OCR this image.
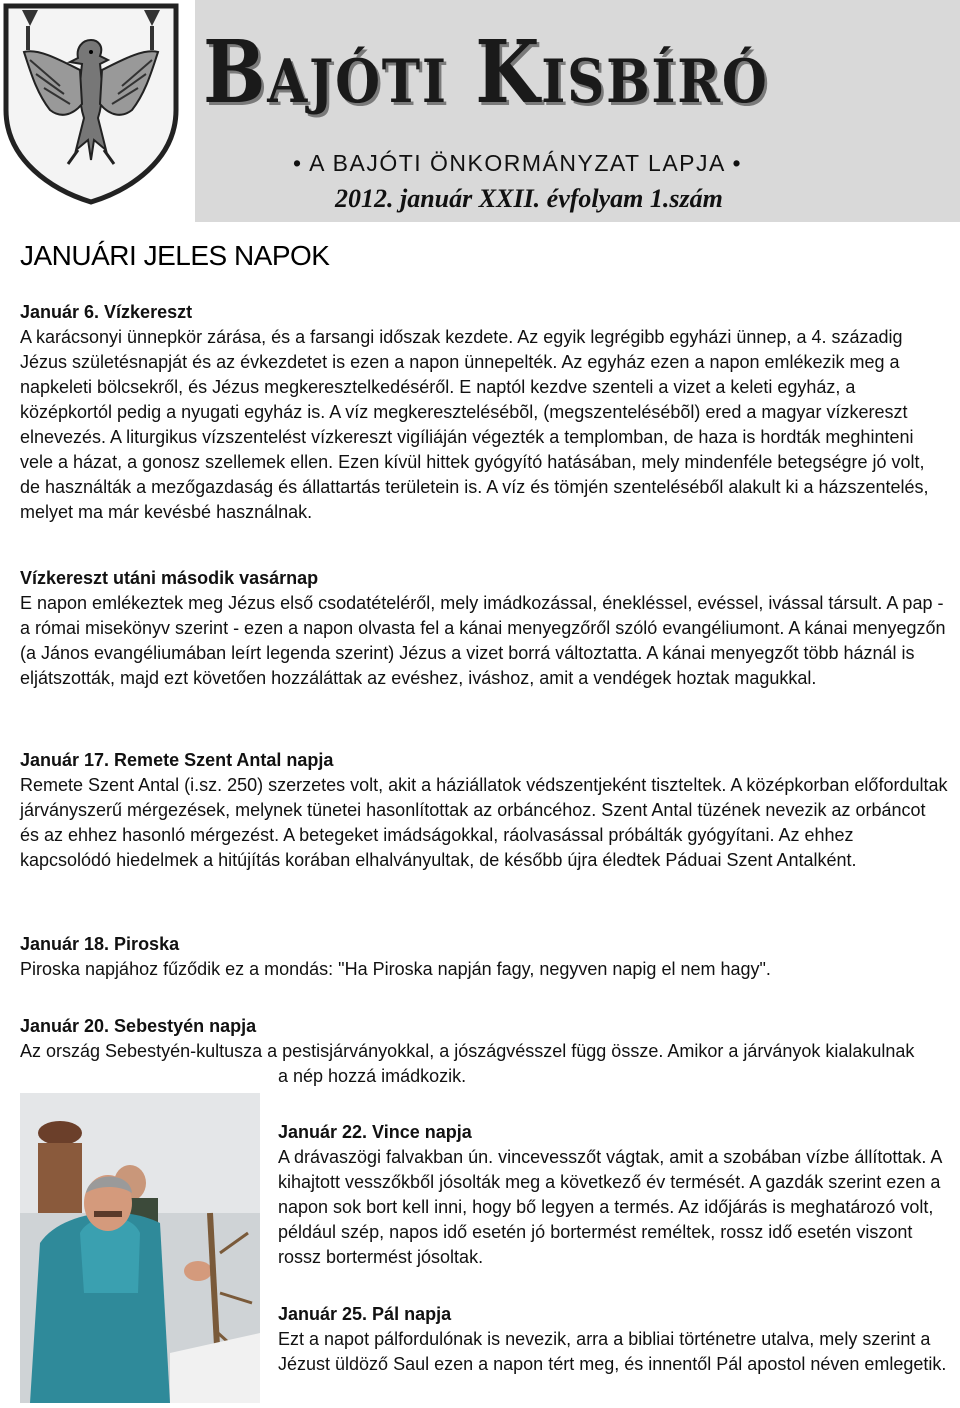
Bajóti Kisbíró
• A BAJÓTI ÖNKORMÁNYZAT LAPJA •
2012. január XXII. évfolyam 1.szám
JANUÁRI JELES NAPOK
Január 6. Vízkereszt

A karácsonyi ünnepkör zárása, és a farsangi időszak kezdete. Az egyik legrégibb egyházi ünnep, a 4. századig Jézus születésnapját és az évkezdetet is ezen a napon ünnepelték. Az egyház ezen a napon emlékezik meg a napkeleti bölcsekről, és Jézus megkeresztelkedéséről. E naptól kezdve szenteli a vizet a keleti egyház, a középkortól pedig a nyugati egyház is. A víz megkeresztelésébõl, (megszentelésébõl) ered a magyar vízkereszt elnevezés. A liturgikus vízszentelést vízkereszt vigíliáján végezték a templomban, de haza is hordták meghinteni vele a házat, a gonosz szellemek ellen. Ezen kívül hittek gyógyító hatásában, mely mindenféle betegségre jó volt, de használták a mezőgazdaság és állattartás területein is. A víz és tömjén szenteléséből alakult ki a házszentelés, melyet ma már kevésbé használnak.

Vízkereszt utáni második vasárnap

E napon emlékeztek meg Jézus első csodatételéről, mely imádkozással, énekléssel, evéssel, ivással társult. A pap - a római misekönyv szerint - ezen a napon olvasta fel a kánai menyegzőről szóló evangéliumont. A kánai menyegzőn (a János evangéliumában leírt legenda szerint) Jézus a vizet borrá változtatta. A kánai menyegzőt több háznál is eljátszották, majd ezt követően hozzáláttak az evéshez, iváshoz, amit a vendégek hoztak magukkal.

Január 17. Remete Szent Antal napja

Remete Szent Antal (i.sz. 250) szerzetes volt, akit a háziállatok védszentjeként tiszteltek. A középkorban előfordultak járványszerű mérgezések, melynek tünetei hasonlítottak az orbáncéhoz. Szent Antal tüzének nevezik az orbáncot és az ehhez hasonló mérgezést. A betegeket imádságokkal, ráolvasással próbálták gyógyítani. Az ehhez kapcsolódó hiedelmek a hitújítás korában elhalványultak, de később újra éledtek Páduai Szent Antalként.

Január 18. Piroska

Piroska napjához fűződik ez a mondás: "Ha Piroska napján fagy, negyven napig el nem hagy".

Január 20. Sebestyén napja

Az ország Sebestyén-kultusza a pestisjárványokkal, a jószágvésszel függ össze. Amikor a járványok kialakulnak

a nép hozzá imádkozik.

Január 22. Vince napja

A drávaszögi falvakban ún. vincevesszőt vágtak, amit a szobában vízbe állítottak. A kihajtott vesszőkből jósolták meg a következő év termését. A gazdák szerint ezen a napon sok bort kell inni, hogy bő legyen a termés. Az időjárás is meghatározó volt, például szép, napos idő esetén jó bortermést reméltek, rossz idő esetén viszont rossz bortermést jósoltak.

Január 25. Pál napja

Ezt a napot pálfordulónak is nevezik, arra a bibliai történetre utalva, mely szerint a Jézust üldöző Saul ezen a napon tért meg, és innentől Pál apostol néven emlegetik.
